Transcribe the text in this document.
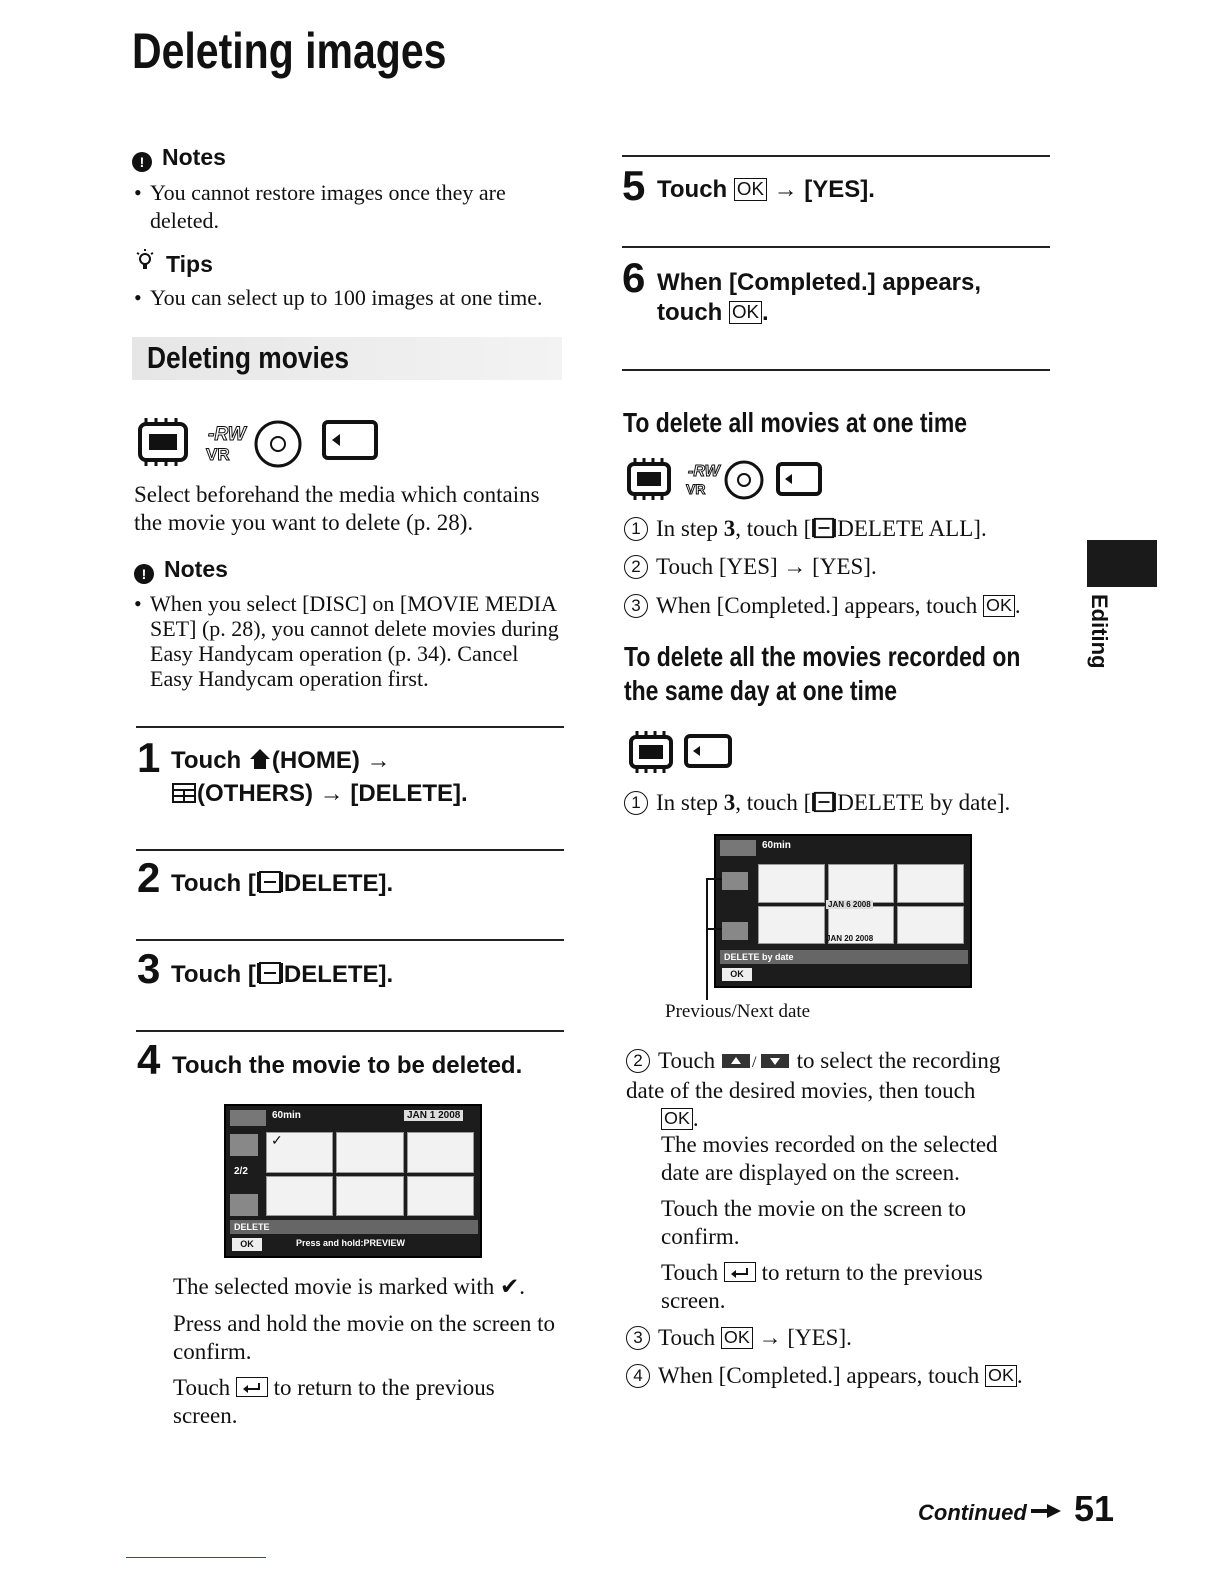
Deleting images
! Notes
• You cannot restore images once they are deleted.
Tips
• You can select up to 100 images at one time.
Deleting movies
-RW
VR
Select beforehand the media which contains the movie you want to delete (p. 28).
! Notes
• When you select [DISC] on [MOVIE MEDIA SET] (p. 28), you cannot delete movies during Easy Handycam operation (p. 34). Cancel Easy Handycam operation first.
1 Touch (HOME) →
(OTHERS) → [DELETE].
2 Touch [ DELETE].
3 Touch [ DELETE].
4 Touch the movie to be deleted.
60min	JAN 1 2008
2/2
✓
DELETE
OK	Press and hold:PREVIEW
The selected movie is marked with ✔.
Press and hold the movie on the screen to confirm.
Touch to return to the previous screen.
5 Touch OK → [YES].
6 When [Completed.] appears,
touch OK .
To delete all movies at one time
-RW
VR
1 In step 3, touch [ DELETE ALL].
2 Touch [YES] → [YES].
3 When [Completed.] appears, touch OK .
To delete all the movies recorded on
the same day at one time
1 In step 3, touch [ DELETE by date].
60min
JAN 6 2008
JAN 20 2008
DELETE by date
OK
Previous/Next date
2 Touch / to select the recording date of the desired movies, then touch
OK .
The movies recorded on the selected date are displayed on the screen.
Touch the movie on the screen to confirm.
Touch to return to the previous screen.
3 Touch OK → [YES].
4 When [Completed.] appears, touch OK .
Editing
Continued	51
